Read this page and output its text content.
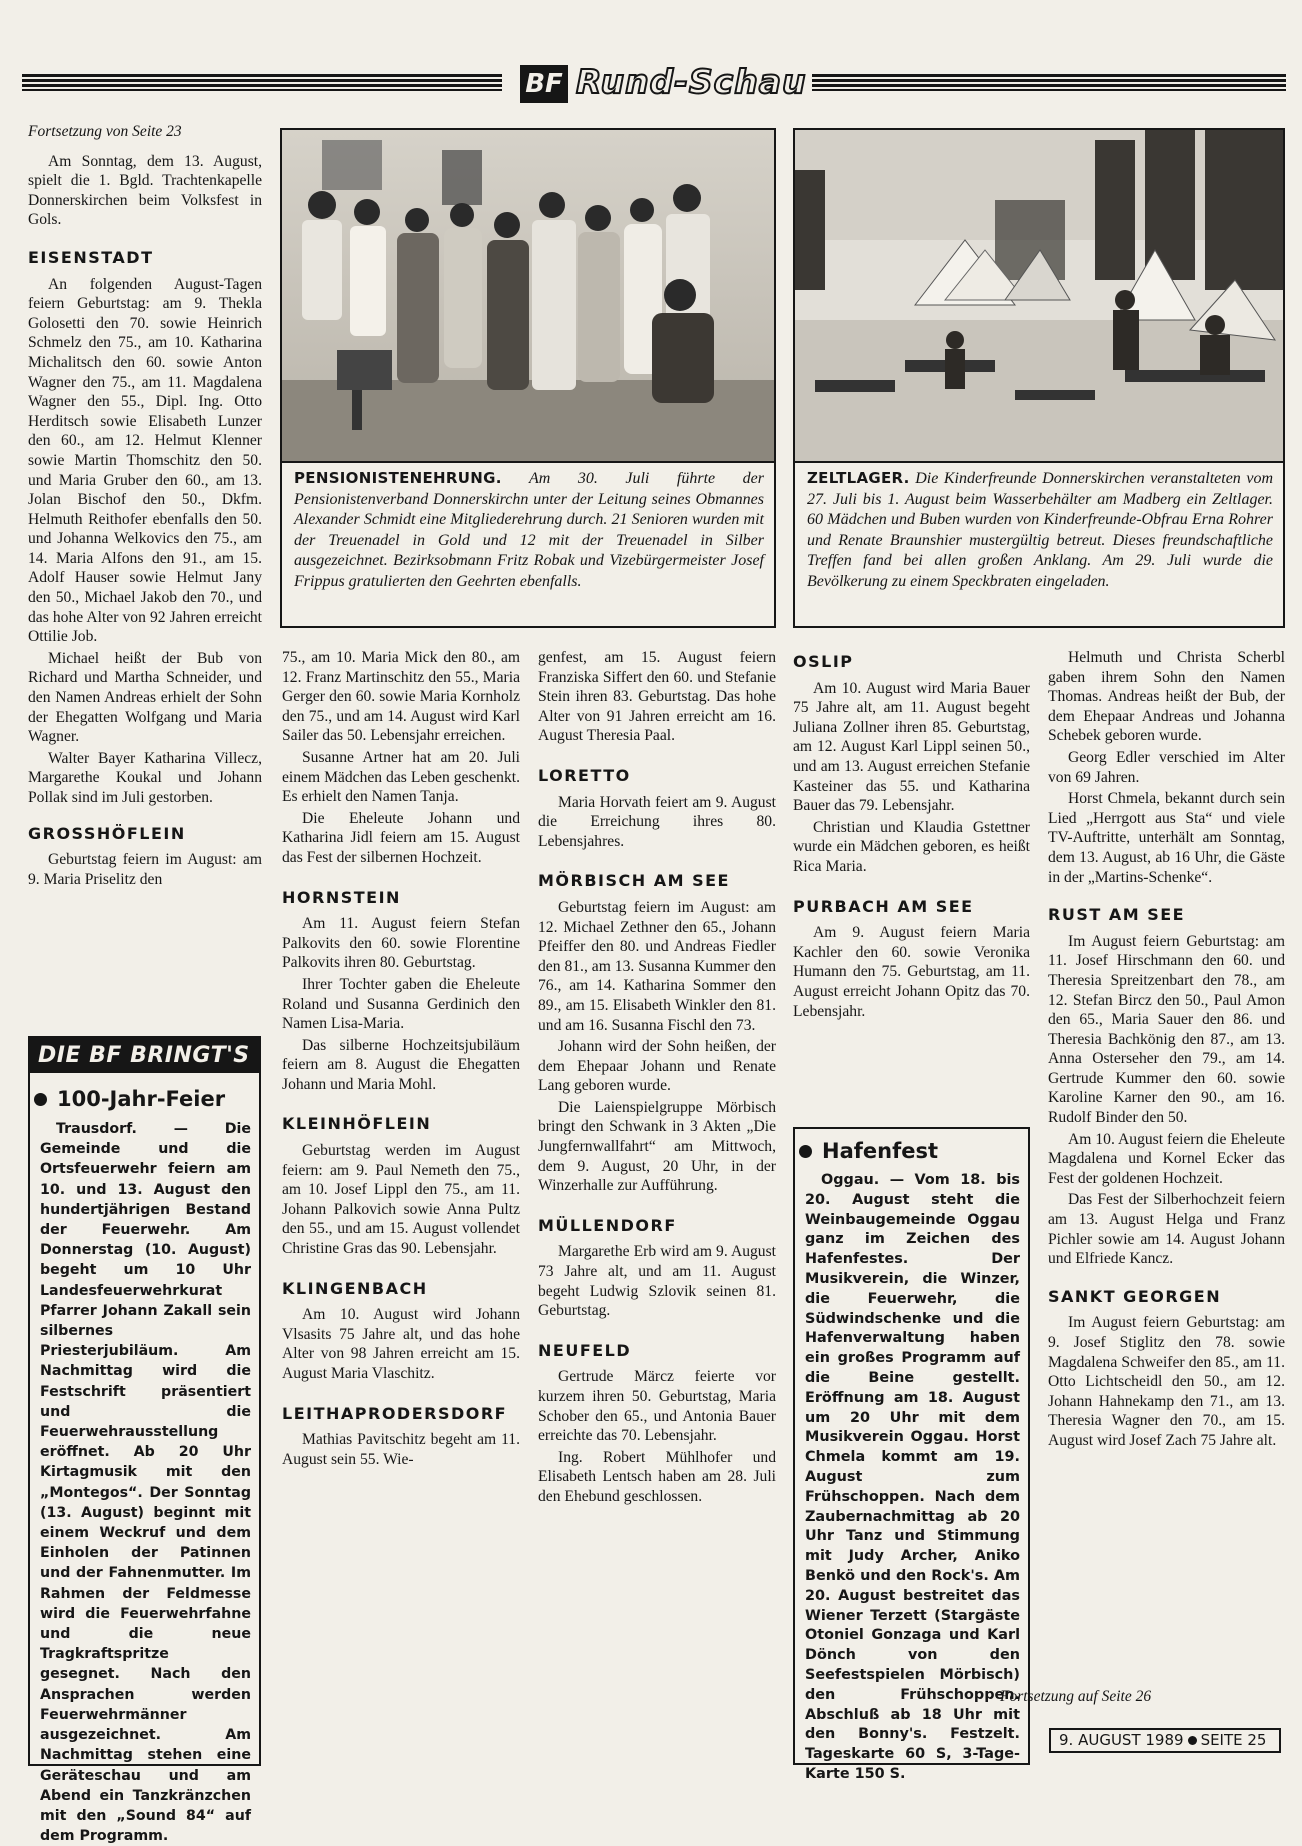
BF Rund-Schau
Fortsetzung von Seite 23

Am Sonntag, dem 13. August, spielt die 1. Bgld. Trachtenkapelle Donnerskirchen beim Volksfest in Gols.

EISENSTADT

An folgenden August-Tagen feiern Geburtstag: am 9. Thekla Golosetti den 70. sowie Heinrich Schmelz den 75., am 10. Katharina Michalitsch den 60. sowie Anton Wagner den 75., am 11. Magdalena Wagner den 55., Dipl. Ing. Otto Herditsch sowie Elisabeth Lunzer den 60., am 12. Helmut Klenner sowie Martin Thomschitz den 50. und Maria Gruber den 60., am 13. Jolan Bischof den 50., Dkfm. Helmuth Reithofer ebenfalls den 50. und Johanna Welkovics den 75., am 14. Maria Alfons den 91., am 15. Adolf Hauser sowie Helmut Jany den 50., Michael Jakob den 70., und das hohe Alter von 92 Jahren erreicht Ottilie Job.

Michael heißt der Bub von Richard und Martha Schneider, und den Namen Andreas erhielt der Sohn der Ehegatten Wolfgang und Maria Wagner.

Walter Bayer Katharina Villecz, Margarethe Koukal und Johann Pollak sind im Juli gestorben.

GROSSHÖFLEIN

Geburtstag feiern im August: am 9. Maria Priselitz den

DIE BF BRINGT'S
100-Jahr-Feier
Trausdorf. — Die Gemeinde und die Ortsfeuerwehr feiern am 10. und 13. August den hundertjährigen Bestand der Feuerwehr. Am Donnerstag (10. August) begeht um 10 Uhr Landesfeuerwehrkurat Pfarrer Johann Zakall sein silbernes Priesterjubiläum. Am Nachmittag wird die Festschrift präsentiert und die Feuerwehrausstellung eröffnet. Ab 20 Uhr Kirtagmusik mit den „Montegos“. Der Sonntag (13. August) beginnt mit einem Weckruf und dem Einholen der Patinnen und der Fahnenmutter. Im Rahmen der Feldmesse wird die Feuerwehrfahne und die neue Tragkraftspritze gesegnet. Nach den Ansprachen werden Feuerwehrmänner ausgezeichnet. Am Nachmittag stehen eine Geräteschau und am Abend ein Tanzkränzchen mit den „Sound 84“ auf dem Programm.
PENSIONISTENEHRUNG. Am 30. Juli führte der Pensionistenverband Donnerskirchn unter der Leitung seines Obmannes Alexander Schmidt eine Mitgliederehrung durch. 21 Senioren wurden mit der Treuenadel in Gold und 12 mit der Treuenadel in Silber ausgezeichnet. Bezirksobmann Fritz Robak und Vizebürgermeister Josef Frippus gratulierten den Geehrten ebenfalls.
ZELTLAGER. Die Kinderfreunde Donnerskirchen veranstalteten vom 27. Juli bis 1. August beim Wasserbehälter am Madberg ein Zeltlager. 60 Mädchen und Buben wurden von Kinderfreunde-Obfrau Erna Rohrer und Renate Braunshier mustergültig betreut. Dieses freundschaftliche Treffen fand bei allen großen Anklang. Am 29. Juli wurde die Bevölkerung zu einem Speckbraten eingeladen.

75., am 10. Maria Mick den 80., am 12. Franz Martinschitz den 55., Maria Gerger den 60. sowie Maria Kornholz den 75., und am 14. August wird Karl Sailer das 50. Lebensjahr erreichen.

Susanne Artner hat am 20. Juli einem Mädchen das Leben geschenkt. Es erhielt den Namen Tanja.

Die Eheleute Johann und Katharina Jidl feiern am 15. August das Fest der silbernen Hochzeit.

HORNSTEIN

Am 11. August feiern Stefan Palkovits den 60. sowie Florentine Palkovits ihren 80. Geburtstag.

Ihrer Tochter gaben die Eheleute Roland und Susanna Gerdinich den Namen Lisa-Maria.

Das silberne Hochzeitsjubiläum feiern am 8. August die Ehegatten Johann und Maria Mohl.

KLEINHÖFLEIN

Geburtstag werden im August feiern: am 9. Paul Nemeth den 75., am 10. Josef Lippl den 75., am 11. Johann Palkovich sowie Anna Pultz den 55., und am 15. August vollendet Christine Gras das 90. Lebensjahr.

KLINGENBACH

Am 10. August wird Johann Vlsasits 75 Jahre alt, und das hohe Alter von 98 Jahren erreicht am 15. August Maria Vlaschitz.

LEITHAPRODERSDORF

Mathias Pavitschitz begeht am 11. August sein 55. Wie-

genfest, am 15. August feiern Franziska Siffert den 60. und Stefanie Stein ihren 83. Geburtstag. Das hohe Alter von 91 Jahren erreicht am 16. August Theresia Paal.

LORETTO

Maria Horvath feiert am 9. August die Erreichung ihres 80. Lebensjahres.

MÖRBISCH AM SEE

Geburtstag feiern im August: am 12. Michael Zethner den 65., Johann Pfeiffer den 80. und Andreas Fiedler den 81., am 13. Susanna Kummer den 76., am 14. Katharina Sommer den 89., am 15. Elisabeth Winkler den 81. und am 16. Susanna Fischl den 73.

Johann wird der Sohn heißen, der dem Ehepaar Johann und Renate Lang geboren wurde.

Die Laienspielgruppe Mörbisch bringt den Schwank in 3 Akten „Die Jungfernwallfahrt“ am Mittwoch, dem 9. August, 20 Uhr, in der Winzerhalle zur Aufführung.

MÜLLENDORF

Margarethe Erb wird am 9. August 73 Jahre alt, und am 11. August begeht Ludwig Szlovik seinen 81. Geburtstag.

NEUFELD

Gertrude Märcz feierte vor kurzem ihren 50. Geburtstag, Maria Schober den 65., und Antonia Bauer erreichte das 70. Lebensjahr.

Ing. Robert Mühlhofer und Elisabeth Lentsch haben am 28. Juli den Ehebund geschlossen.

OSLIP

Am 10. August wird Maria Bauer 75 Jahre alt, am 11. August begeht Juliana Zollner ihren 85. Geburtstag, am 12. August Karl Lippl seinen 50., und am 13. August erreichen Stefanie Kasteiner das 55. und Katharina Bauer das 79. Lebensjahr.

Christian und Klaudia Gstettner wurde ein Mädchen geboren, es heißt Rica Maria.

PURBACH AM SEE

Am 9. August feiern Maria Kachler den 60. sowie Veronika Humann den 75. Geburtstag, am 11. August erreicht Johann Opitz das 70. Lebensjahr.

Hafenfest
Oggau. — Vom 18. bis 20. August steht die Weinbaugemeinde Oggau ganz im Zeichen des Hafenfestes. Der Musikverein, die Winzer, die Feuerwehr, die Südwindschenke und die Hafenverwaltung haben ein großes Programm auf die Beine gestellt. Eröffnung am 18. August um 20 Uhr mit dem Musikverein Oggau. Horst Chmela kommt am 19. August zum Frühschoppen. Nach dem Zaubernachmittag ab 20 Uhr Tanz und Stimmung mit Judy Archer, Aniko Benkö und den Rock's. Am 20. August bestreitet das Wiener Terzett (Stargäste Otoniel Gonzaga und Karl Dönch von den Seefestspielen Mörbisch) den Frühschoppen. Abschluß ab 18 Uhr mit den Bonny's. Festzelt. Tageskarte 60 S, 3-Tage-Karte 150 S.

Helmuth und Christa Scherbl gaben ihrem Sohn den Namen Thomas. Andreas heißt der Bub, der dem Ehepaar Andreas und Johanna Schebek geboren wurde.

Georg Edler verschied im Alter von 69 Jahren.

Horst Chmela, bekannt durch sein Lied „Herrgott aus Sta“ und viele TV-Auftritte, unterhält am Sonntag, dem 13. August, ab 16 Uhr, die Gäste in der „Martins-Schenke“.

RUST AM SEE

Im August feiern Geburtstag: am 11. Josef Hirschmann den 60. und Theresia Spreitzenbart den 78., am 12. Stefan Bircz den 50., Paul Amon den 65., Maria Sauer den 86. und Theresia Bachkönig den 87., am 13. Anna Osterseher den 79., am 14. Gertrude Kummer den 60. sowie Karoline Karner den 90., am 16. Rudolf Binder den 50.

Am 10. August feiern die Eheleute Magdalena und Kornel Ecker das Fest der goldenen Hochzeit.

Das Fest der Silberhochzeit feiern am 13. August Helga und Franz Pichler sowie am 14. August Johann und Elfriede Kancz.

SANKT GEORGEN

Im August feiern Geburtstag: am 9. Josef Stiglitz den 78. sowie Magdalena Schweifer den 85., am 11. Otto Lichtscheidl den 50., am 12. Johann Hahnekamp den 71., am 13. Theresia Wagner den 70., am 15. August wird Josef Zach 75 Jahre alt.

Fortsetzung auf Seite 26
9. AUGUST 1989 SEITE 25
